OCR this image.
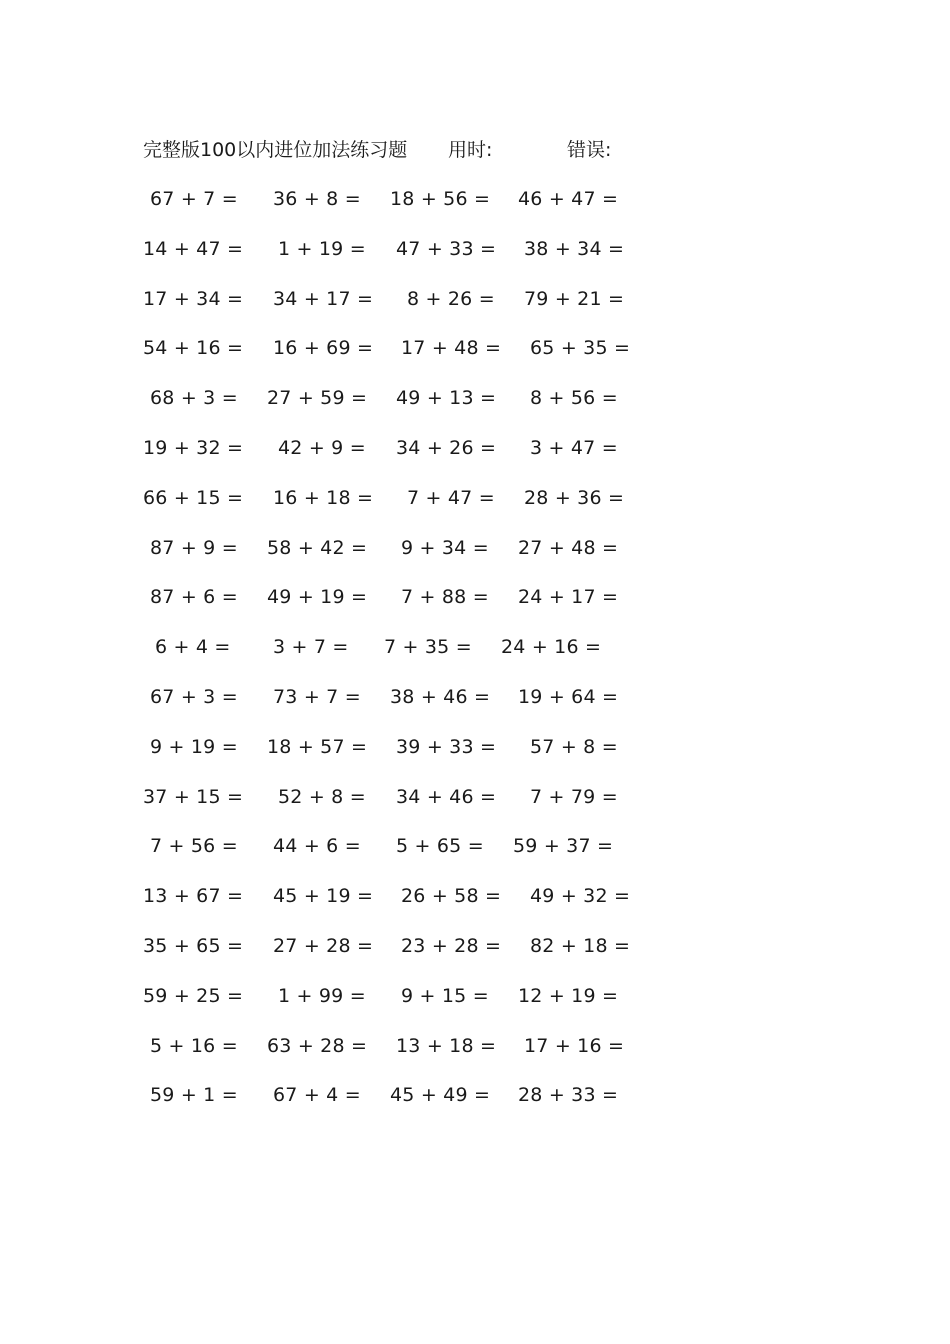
完整版100以内进位加法练习题 用时:	错误:
67 + 7 = 36 + 8 = 18 + 56 = 46 + 47 =
14 + 47 = 1 + 19 = 47 + 33 = 38 + 34 =
17 + 34 = 34 + 17 = 8 + 26 = 79 + 21 =
54 + 16 = 16 + 69 = 17 + 48 = 65 + 35 =
68 + 3 = 27 + 59 = 49 + 13 = 8 + 56 =
19 + 32 = 42 + 9 = 34 + 26 = 3 + 47 =
66 + 15 = 16 + 18 = 7 + 47 = 28 + 36 =
87 + 9 = 58 + 42 = 9 + 34 = 27 + 48 =
87 + 6 = 49 + 19 = 7 + 88 = 24 + 17 =
6 + 4 = 3 + 7 = 7 + 35 = 24 + 16 =
67 + 3 = 73 + 7 = 38 + 46 = 19 + 64 =
9 + 19 = 18 + 57 = 39 + 33 = 57 + 8 =
37 + 15 = 52 + 8 = 34 + 46 = 7 + 79 =
7 + 56 = 44 + 6 = 5 + 65 = 59 + 37 =
13 + 67 = 45 + 19 = 26 + 58 = 49 + 32 =
35 + 65 = 27 + 28 = 23 + 28 = 82 + 18 =
59 + 25 = 1 + 99 = 9 + 15 = 12 + 19 =
5 + 16 = 63 + 28 = 13 + 18 = 17 + 16 =
59 + 1 = 67 + 4 = 45 + 49 = 28 + 33 =
